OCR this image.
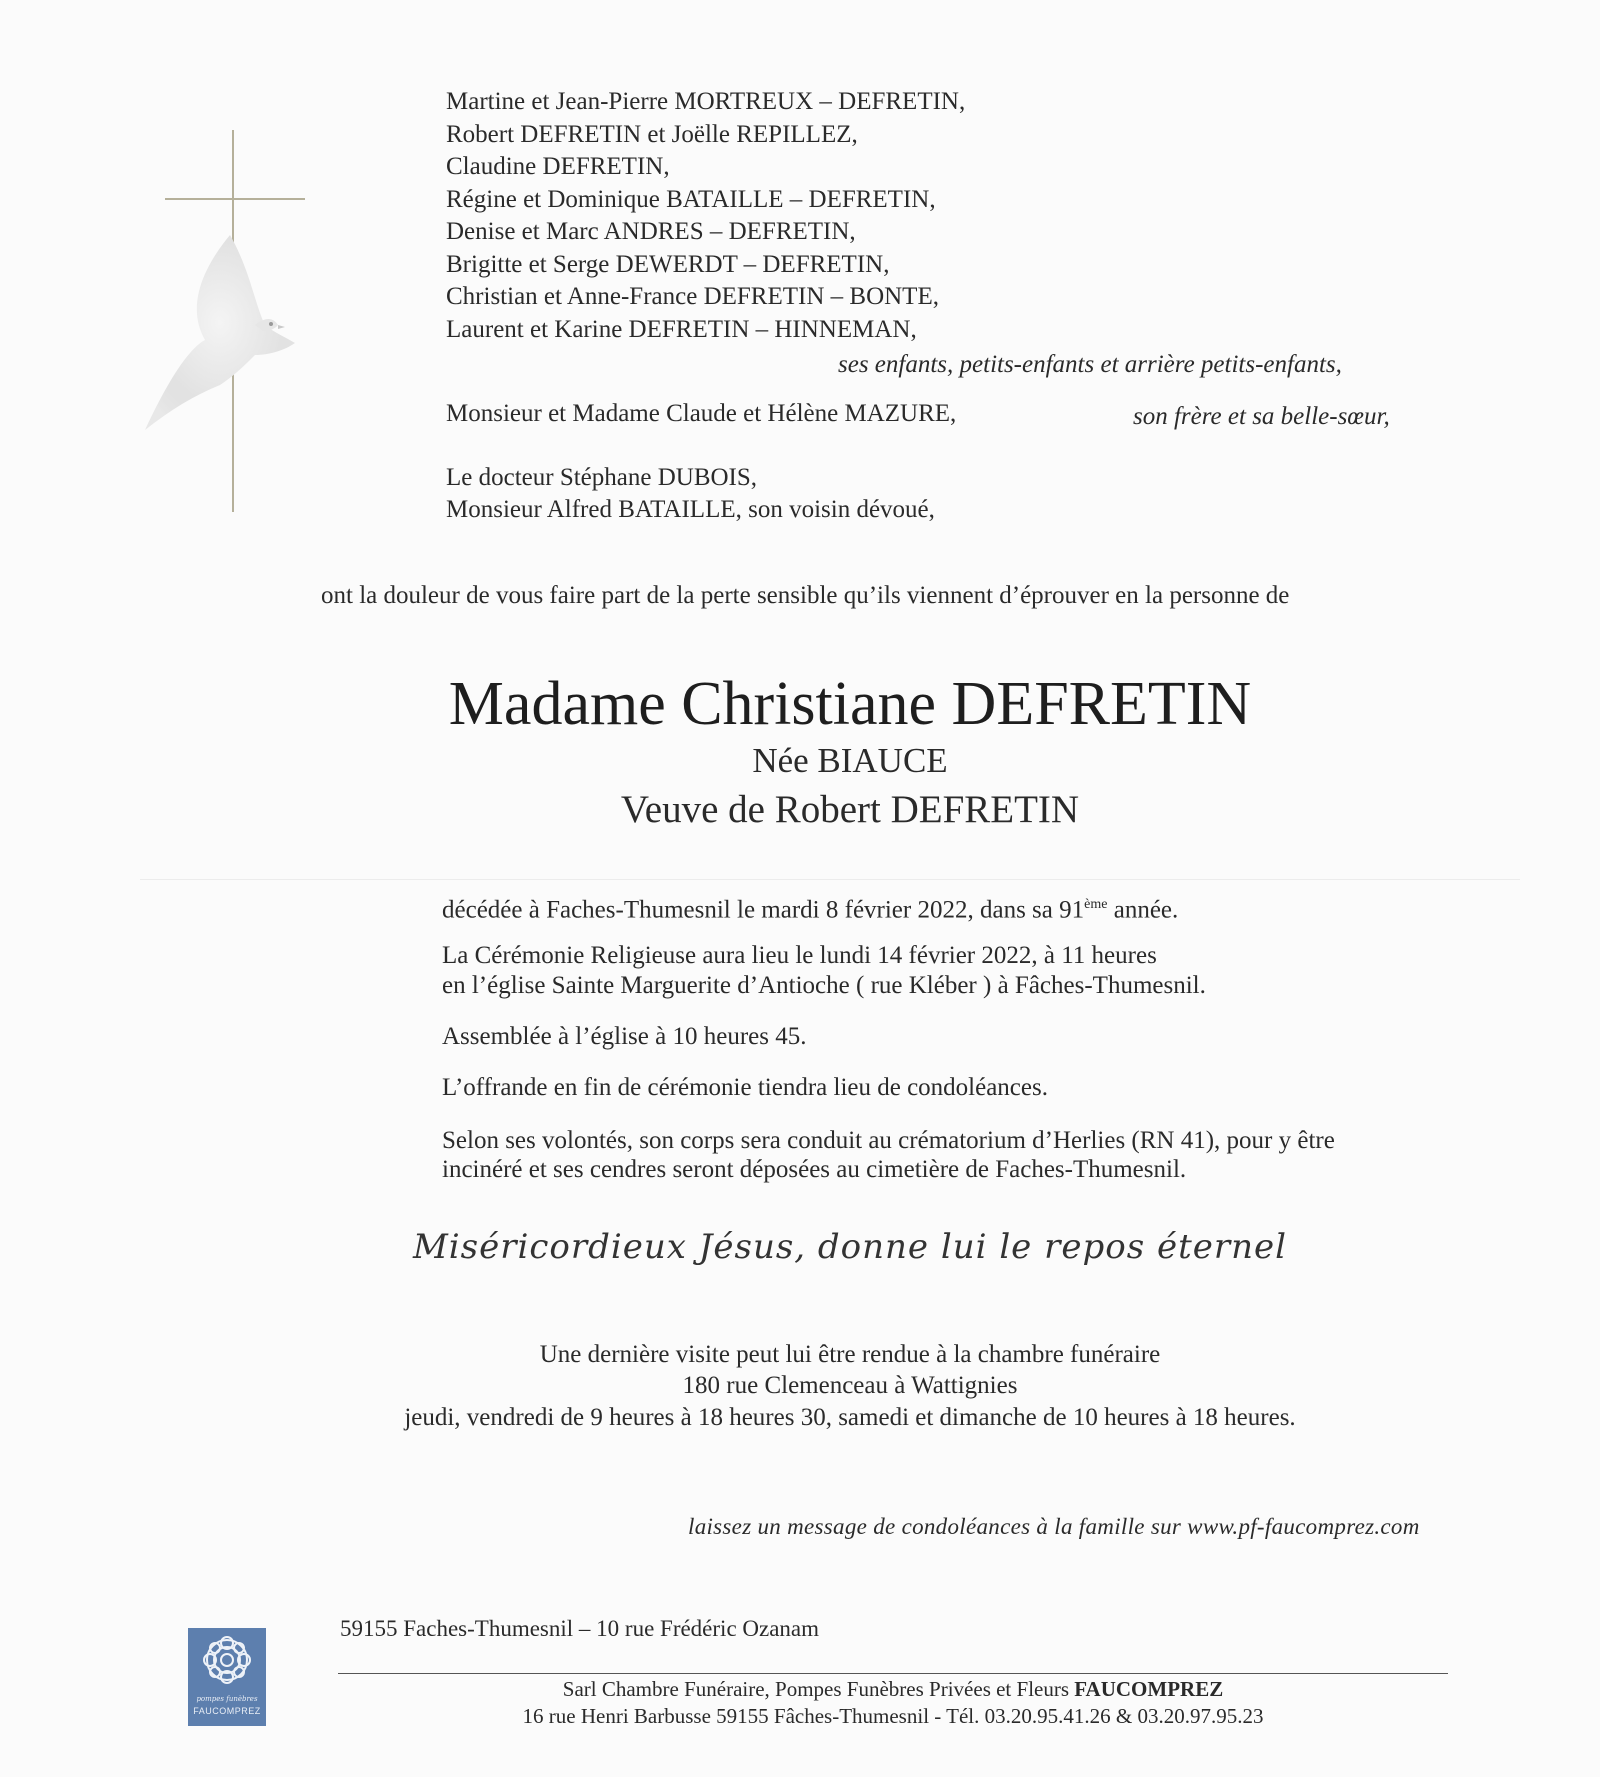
Martine et Jean-Pierre MORTREUX – DEFRETIN,
Robert DEFRETIN et Joëlle REPILLEZ,
Claudine DEFRETIN,
Régine et Dominique BATAILLE – DEFRETIN,
Denise et Marc ANDRES – DEFRETIN,
Brigitte et Serge DEWERDT – DEFRETIN,
Christian et Anne-France DEFRETIN – BONTE,
Laurent et Karine DEFRETIN – HINNEMAN,
ses enfants, petits-enfants et arrière petits-enfants,
Monsieur et Madame Claude et Hélène MAZURE,	son frère et sa belle-sœur,
Le docteur Stéphane DUBOIS,
Monsieur Alfred BATAILLE, son voisin dévoué,
ont la douleur de vous faire part de la perte sensible qu’ils viennent d’éprouver en la personne de
Madame Christiane DEFRETIN
Née BIAUCE
Veuve de Robert DEFRETIN
décédée à Faches-Thumesnil le mardi 8 février 2022, dans sa 91ème année.
La Cérémonie Religieuse aura lieu le lundi 14 février 2022, à 11 heures
en l’église Sainte Marguerite d’Antioche ( rue Kléber ) à Fâches-Thumesnil.
Assemblée à l’église à 10 heures 45.
L’offrande en fin de cérémonie tiendra lieu de condoléances.
Selon ses volontés, son corps sera conduit au crématorium d’Herlies (RN 41), pour y être
incinéré et ses cendres seront déposées au cimetière de Faches-Thumesnil.
Miséricordieux Jésus, donne lui le repos éternel
Une dernière visite peut lui être rendue à la chambre funéraire
180 rue Clemenceau à Wattignies
jeudi, vendredi de 9 heures à 18 heures 30, samedi et dimanche de 10 heures à 18 heures.
laissez un message de condoléances à la famille sur www.pf-faucomprez.com
59155 Faches-Thumesnil – 10 rue Frédéric Ozanam
pompes funèbres
FAUCOMPREZ
Sarl Chambre Funéraire, Pompes Funèbres Privées et Fleurs FAUCOMPREZ
16 rue Henri Barbusse 59155 Fâches-Thumesnil - Tél. 03.20.95.41.26 & 03.20.97.95.23
